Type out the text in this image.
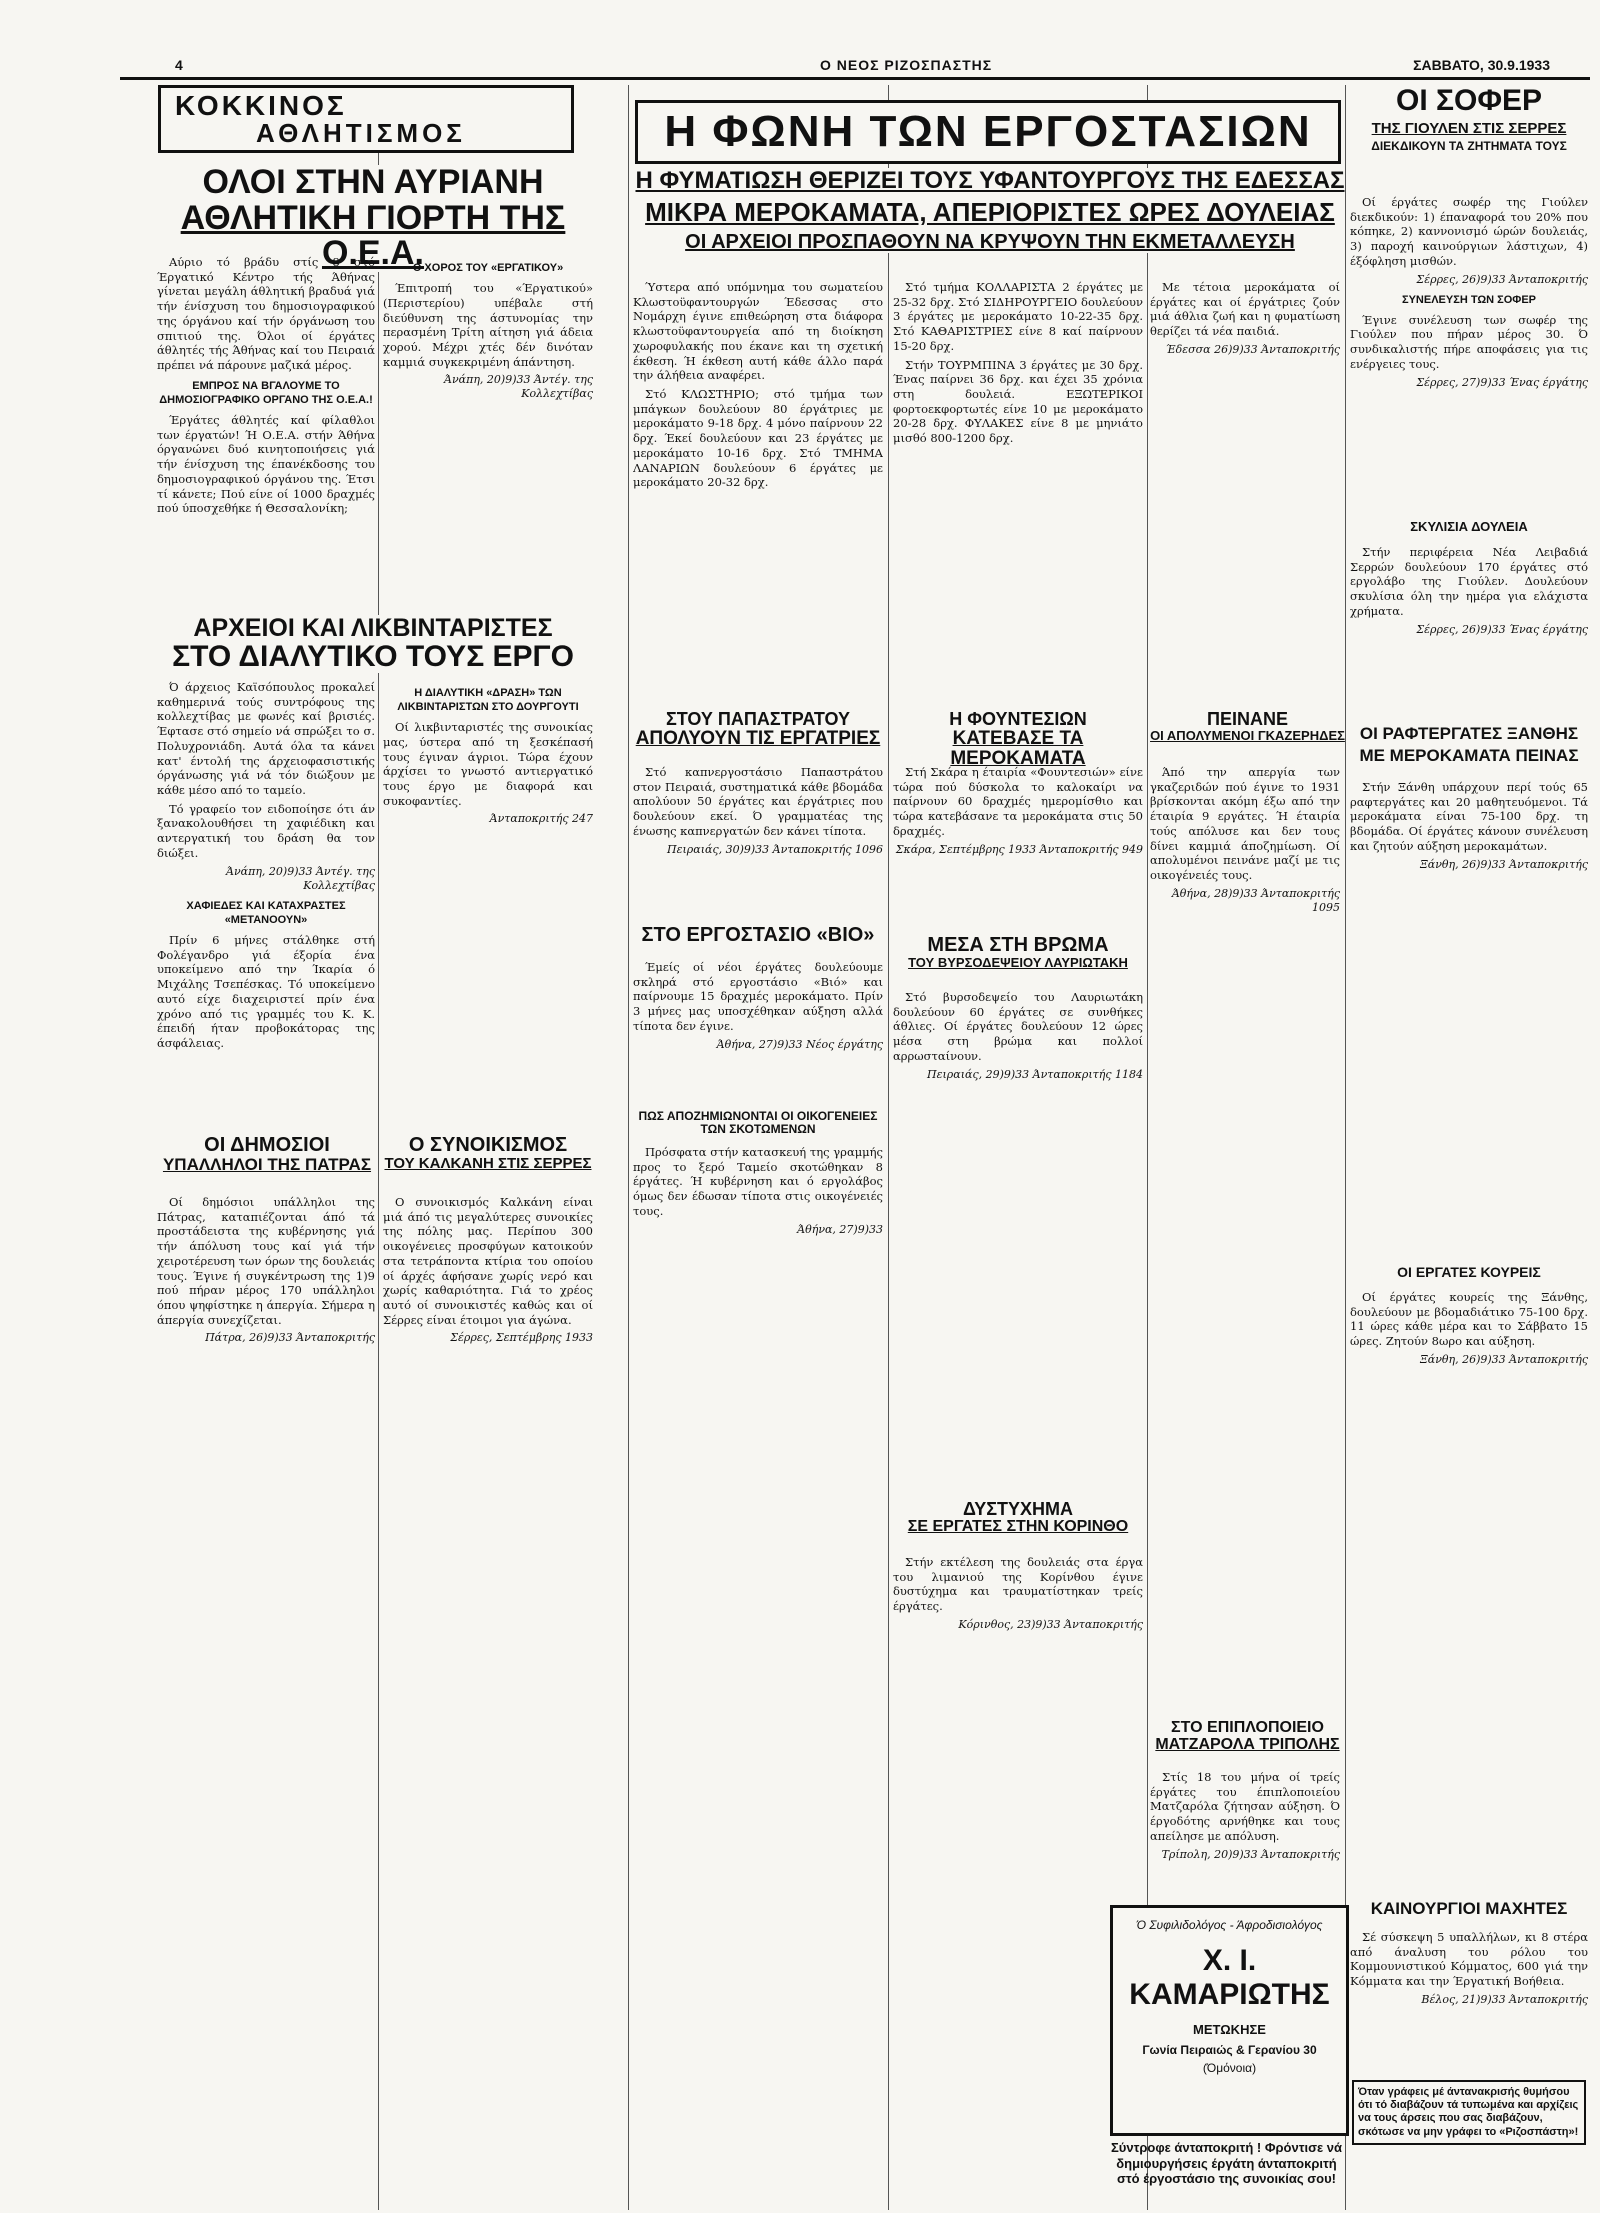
4	Ο ΝΕΟΣ ΡΙΖΟΣΠΑΣΤΗΣ	ΣΑΒΒΑΤΟ, 30.9.1933
ΚΟΚΚΙΝΟΣ
ΑΘΛΗΤΙΣΜΟΣ
ΟΛΟΙ ΣΤΗΝ ΑΥΡΙΑΝΗ
ΑΘΛΗΤΙΚΗ ΓΙΟΡΤΗ ΤΗΣ Ο.Ε.Α.

Αύριο τό βράδυ στίς 8 στό Έργατικό Κέντρο τής Άθήνας γίνεται μεγάλη άθλητική βραδυά γιά τήν ένίσχυση του δημοσιογραφικού της όργάνου καί τήν όργάνωση του σπιτιού της. Όλοι οί έργάτες άθλητές τής Άθήνας καί του Πειραιά πρέπει νά πάρουνε μαζικά μέρος.

ΕΜΠΡΟΣ ΝΑ ΒΓΑΛΟΥΜΕ ΤΟ ΔΗΜΟΣΙΟΓΡΑΦΙΚΟ ΟΡΓΑΝΟ ΤΗΣ Ο.Ε.Α.!

Έργάτες άθλητές καί φίλαθλοι των έργατών! Ή Ο.Ε.Α. στήν Άθήνα όργανώνει δυό κινητοποιήσεις γιά τήν ένίσχυση της έπανέκδοσης του δημοσιογραφικού όργάνου της. Έτσι τί κάνετε; Πού είνε οί 1000 δραχμές πού ύποσχεθήκε ή Θεσσαλονίκη;

Ο ΧΟΡΟΣ ΤΟΥ «ΕΡΓΑΤΙΚΟΥ»

Έπιτροπή του «Έργατικού» (Περιστερίου) υπέβαλε στή διεύθυνση της άστυνομίας την περασμένη Τρίτη αίτηση γιά άδεια χορού. Μέχρι χτές δέν δινόταν καμμιά συγκεκριμένη άπάντηση.

Άνάπη, 20)9)33 Άντέγ. της Κολλεχτίβας
ΑΡΧΕΙΟΙ ΚΑΙ ΛΙΚΒΙΝΤΑΡΙΣΤΕΣ
ΣΤΟ ΔΙΑΛΥΤΙΚΟ ΤΟΥΣ ΕΡΓΟ

Ό άρχειος Καϊσόπουλος προκαλεί καθημερινά τούς συντρόφους της κολλεχτίβας με φωνές καί βρισιές. Έφτασε στό σημείο νά σπρώξει το σ. Πολυχρονιάδη. Αυτά όλα τα κάνει κατ' έντολή της άρχειοφασιστικής όργάνωσης γιά νά τόν διώξουν με κάθε μέσο από το ταμείο.

Τό γραφείο τον ειδοποίησε ότι άν ξανακολουθήσει τη χαφιέδικη και αντεργατική του δράση θα τον διώξει.

Άνάπη, 20)9)33 Άντέγ. της Κολλεχτίβας
ΧΑΦΙΕΔΕΣ ΚΑΙ ΚΑΤΑΧΡΑΣΤΕΣ «ΜΕΤΑΝΟΟΥΝ»

Πρίν 6 μήνες στάλθηκε στή Φολέγανδρο γιά έξορία ένα υποκείμενο από την Ίκαρία ό Μιχάλης Τσεπέσκας. Τό υποκείμενο αυτό είχε διαχειριστεί πρίν ένα χρόνο από τις γραμμές του Κ. Κ. έπειδή ήταν προβοκάτορας της άσφάλειας.

Η ΔΙΑΛΥΤΙΚΗ «ΔΡΑΣΗ» ΤΩΝ ΛΙΚΒΙΝΤΑΡΙΣΤΩΝ ΣΤΟ ΔΟΥΡΓΟΥΤΙ

Οί λικβινταριστές της συνοικίας μας, ύστερα από τη ξεσκέπασή τους έγιναν άγριοι. Τώρα έχουν άρχίσει το γνωστό αντιεργατικό τους έργο με διαφορά και συκοφαντίες.

Άνταποκριτής 247
ΟΙ ΔΗΜΟΣΙΟΙ
ΥΠΑΛΛΗΛΟΙ ΤΗΣ ΠΑΤΡΑΣ

Οί δημόσιοι υπάλληλοι της Πάτρας, καταπιέζονται άπό τά προστάδειστα της κυβέρνησης γιά τήν άπόλυση τους καί γιά τήν χειροτέρευση των όρων της δουλειάς τους. Έγινε ή συγκέντρωση της 1)9 πού πήραν μέρος 170 υπάλληλοι όπου ψηφίστηκε η άπεργία. Σήμερα η άπεργία συνεχίζεται.

Πάτρα, 26)9)33 Άνταποκριτής
Ο ΣΥΝΟΙΚΙΣΜΟΣ
ΤΟΥ ΚΑΛΚΑΝΗ ΣΤΙΣ ΣΕΡΡΕΣ

Ο συνοικισμός Καλκάνη είναι μιά άπό τις μεγαλύτερες συνοικίες της πόλης μας. Περίπου 300 οικογένειες προσφύγων κατοικούν στα τετράποντα κτίρια του οποίου οί άρχές άφήσανε χωρίς νερό και χωρίς καθαριότητα. Γιά το χρέος αυτό οί συνοικιστές καθώς και οί Σέρρες είναι έτοιμοι για άγώνα.

Σέρρες, Σεπτέμβρης 1933
Η ΦΩΝΗ ΤΩΝ ΕΡΓΟΣΤΑΣΙΩΝ
Η ΦΥΜΑΤΙΩΣΗ ΘΕΡΙΖΕΙ ΤΟΥΣ ΥΦΑΝΤΟΥΡΓΟΥΣ ΤΗΣ ΕΔΕΣΣΑΣ
ΜΙΚΡΑ ΜΕΡΟΚΑΜΑΤΑ, ΑΠΕΡΙΟΡΙΣΤΕΣ ΩΡΕΣ ΔΟΥΛΕΙΑΣ
ΟΙ ΑΡΧΕΙΟΙ ΠΡΟΣΠΑΘΟΥΝ ΝΑ ΚΡΥΨΟΥΝ ΤΗΝ ΕΚΜΕΤΑΛΛΕΥΣΗ

Ύστερα από υπόμνημα του σωματείου Κλωστοϋφαντουργών Έδεσσας στο Νομάρχη έγινε επιθεώρηση στα διάφορα κλωστοϋφαντουργεία από τη διοίκηση χωροφυλακής που έκανε και τη σχετική έκθεση. Ή έκθεση αυτή κάθε άλλο παρά την άλήθεια αναφέρει.

Στό ΚΛΩΣΤΗΡΙΟ; στό τμήμα των μπάγκων δουλεύουν 80 έργάτριες με μεροκάματο 9-18 δρχ. 4 μόνο παίρνουν 22 δρχ. Έκεί δουλεύουν και 23 έργάτες με μεροκάματο 10-16 δρχ. Στό ΤΜΗΜΑ ΛΑΝΑΡΙΩΝ δουλεύουν 6 έργάτες με μεροκάματο 20-32 δρχ.

Στό τμήμα ΚΟΛΛΑΡΙΣΤΑ 2 έργάτες με 25-32 δρχ. Στό ΣΙΔΗΡΟΥΡΓΕΙΟ δουλεύουν 3 έργάτες με μεροκάματο 10-22-35 δρχ. Στό ΚΑΘΑΡΙΣΤΡΙΕΣ είνε 8 καί παίρνουν 15-20 δρχ.

Στήν ΤΟΥΡΜΠΙΝΑ 3 έργάτες με 30 δρχ. Ένας παίρνει 36 δρχ. και έχει 35 χρόνια στη δουλειά. ΕΞΩΤΕΡΙΚΟΙ φορτοεκφορτωτές είνε 10 με μεροκάματο 20-28 δρχ. ΦΥΛΑΚΕΣ είνε 8 με μηνιάτο μισθό 800-1200 δρχ.

Με τέτοια μεροκάματα οί έργάτες και οί έργάτριες ζούν μιά άθλια ζωή και η φυματίωση θερίζει τά νέα παιδιά.

Έδεσσα 26)9)33 Άνταποκριτής
ΣΤΟΥ ΠΑΠΑΣΤΡΑΤΟΥ
ΑΠΟΛΥΟΥΝ ΤΙΣ ΕΡΓΑΤΡΙΕΣ

Στό καπνεργοστάσιο Παπαστράτου στον Πειραιά, συστηματικά κάθε βδομάδα απολύουν 50 έργάτες και έργάτριες που δουλεύουν εκεί. Ό γραμματέας της ένωσης καπνεργατών δεν κάνει τίποτα.

Πειραιάς, 30)9)33 Άνταποκριτής 1096
ΣΤΟ ΕΡΓΟΣΤΑΣΙΟ «ΒΙΟ»

Έμείς οί νέοι έργάτες δουλεύουμε σκληρά στό εργοστάσιο «Βιό» και παίρνουμε 15 δραχμές μεροκάματο. Πρίν 3 μήνες μας υποσχέθηκαν αύξηση αλλά τίποτα δεν έγινε.

Άθήνα, 27)9)33 Νέος έργάτης
ΠΩΣ ΑΠΟΖΗΜΙΩΝΟΝΤΑΙ ΟΙ ΟΙΚΟΓΕΝΕΙΕΣ ΤΩΝ ΣΚΟΤΩΜΕΝΩΝ

Πρόσφατα στήν κατασκευή της γραμμής προς το ξερό Ταμείο σκοτώθηκαν 8 έργάτες. Ή κυβέρνηση και ό εργολάβος όμως δεν έδωσαν τίποτα στις οικογένειές τους.

Άθήνα, 27)9)33
Η ΦΟΥΝΤΕΣΙΩΝ
ΚΑΤΕΒΑΣΕ ΤΑ ΜΕΡΟΚΑΜΑΤΑ

Στή Σκάρα η έταιρία «Φουντεσιών» είνε τώρα πού δύσκολα το καλοκαίρι να παίρνουν 60 δραχμές ημερομίσθιο και τώρα κατεβάσανε τα μεροκάματα στις 50 δραχμές.

Σκάρα, Σεπτέμβρης 1933 Άνταποκριτής 949
ΜΕΣΑ ΣΤΗ ΒΡΩΜΑ
ΤΟΥ ΒΥΡΣΟΔΕΨΕΙΟΥ ΛΑΥΡΙΩΤΑΚΗ

Στό βυρσοδεψείο του Λαυριωτάκη δουλεύουν 60 έργάτες σε συνθήκες άθλιες. Οί έργάτες δουλεύουν 12 ώρες μέσα στη βρώμα και πολλοί αρρωσταίνουν.

Πειραιάς, 29)9)33 Άνταποκριτής 1184
ΔΥΣΤΥΧΗΜΑ
ΣΕ ΕΡΓΑΤΕΣ ΣΤΗΝ ΚΟΡΙΝΘΟ

Στήν εκτέλεση της δουλειάς στα έργα του λιμανιού της Κορίνθου έγινε δυστύχημα και τραυματίστηκαν τρείς έργάτες.

Κόρινθος, 23)9)33 Άνταποκριτής
ΠΕΙΝΑΝΕ
ΟΙ ΑΠΟΛΥΜΕΝΟΙ ΓΚΑΖΕΡΗΔΕΣ

Άπό την απεργία των γκαζεριδών πού έγινε το 1931 βρίσκονται ακόμη έξω από την έταιρία 9 εργάτες. Ή έταιρία τούς απόλυσε και δεν τους δίνει καμμιά άποζημίωση. Οί απολυμένοι πεινάνε μαζί με τις οικογένειές τους.

Άθήνα, 28)9)33 Άνταποκριτής 1095
ΣΤΟ ΕΠΙΠΛΟΠΟΙΕΙΟ
ΜΑΤΖΑΡΟΛΑ ΤΡΙΠΟΛΗΣ

Στίς 18 του μήνα οί τρείς έργάτες του έπιπλοποιείου Ματζαρόλα ζήτησαν αύξηση. Ό έργοδότης αρνήθηκε και τους απείλησε με απόλυση.

Τρίπολη, 20)9)33 Άνταποκριτής
Ό Συφιλιδολόγος - Άφροδισιολόγος
Χ. Ι. ΚΑΜΑΡΙΩΤΗΣ
ΜΕΤΩΚΗΣΕ
Γωνία Πειραιώς & Γερανίου 30
(Όμόνοια)
Σύντροφε άνταποκριτή ! Φρόντισε νά δημιουργήσεις έργάτη άνταποκριτή στό έργοστάσιο της συνοικίας σου!
ΟΙ ΣΟΦΕΡ
ΤΗΣ ΓΙΟΥΛΕΝ ΣΤΙΣ ΣΕΡΡΕΣ
ΔΙΕΚΔΙΚΟΥΝ ΤΑ ΖΗΤΗΜΑΤΑ ΤΟΥΣ

Οί έργάτες σωφέρ της Γιούλεν διεκδικούν: 1) έπαναφορά του 20% που κόπηκε, 2) καννονισμό ώρών δουλειάς, 3) παροχή καινούργιων λάστιχων, 4) έξόφληση μισθών.

Σέρρες, 26)9)33 Άνταποκριτής
ΣΥΝΕΛΕΥΣΗ ΤΩΝ ΣΟΦΕΡ

Έγινε συνέλευση των σωφέρ της Γιούλεν που πήραν μέρος 30. Ό συνδικαλιστής πήρε αποφάσεις για τις ενέργειες τους.

Σέρρες, 27)9)33 Ένας έργάτης
ΣΚΥΛΙΣΙΑ ΔΟΥΛΕΙΑ

Στήν περιφέρεια Νέα Λειβαδιά Σερρών δουλεύουν 170 έργάτες στό εργολάβο της Γιούλεν. Δουλεύουν σκυλίσια όλη την ημέρα για ελάχιστα χρήματα.

Σέρρες, 26)9)33 Ένας έργάτης
ΟΙ ΡΑΦΤΕΡΓΑΤΕΣ ΞΑΝΘΗΣ
ΜΕ ΜΕΡΟΚΑΜΑΤΑ ΠΕΙΝΑΣ

Στήν Ξάνθη υπάρχουν περί τούς 65 ραφτεργάτες και 20 μαθητευόμενοι. Τά μεροκάματα είναι 75-100 δρχ. τη βδομάδα. Οί έργάτες κάνουν συνέλευση και ζητούν αύξηση μεροκαμάτων.

Ξάνθη, 26)9)33 Άνταποκριτής
ΟΙ ΕΡΓΑΤΕΣ ΚΟΥΡΕΙΣ

Οί έργάτες κουρείς της Ξάνθης, δουλεύουν με βδομαδιάτικο 75-100 δρχ. 11 ώρες κάθε μέρα και το Σάββατο 15 ώρες. Ζητούν 8ωρο και αύξηση.

Ξάνθη, 26)9)33 Άνταποκριτής
ΚΑΙΝΟΥΡΓΙΟΙ ΜΑΧΗΤΕΣ

Σέ σύσκεψη 5 υπαλλήλων, κι 8 στέρα από άναλυση του ρόλου του Κομμουνιστικού Κόμματος, 600 γιά την Κόμματα και την Έργατική Βοήθεια.

Βέλος, 21)9)33 Άνταποκριτής
Όταν γράφεις μέ άντανακρισής θυμήσου ότι τό διαβάζουν τά τυπωμένα και αρχίζεις να τους άρσεις που σας διαβάζουν, σκότωσε να μην γράφει το «Ριζοσπάστη»!
